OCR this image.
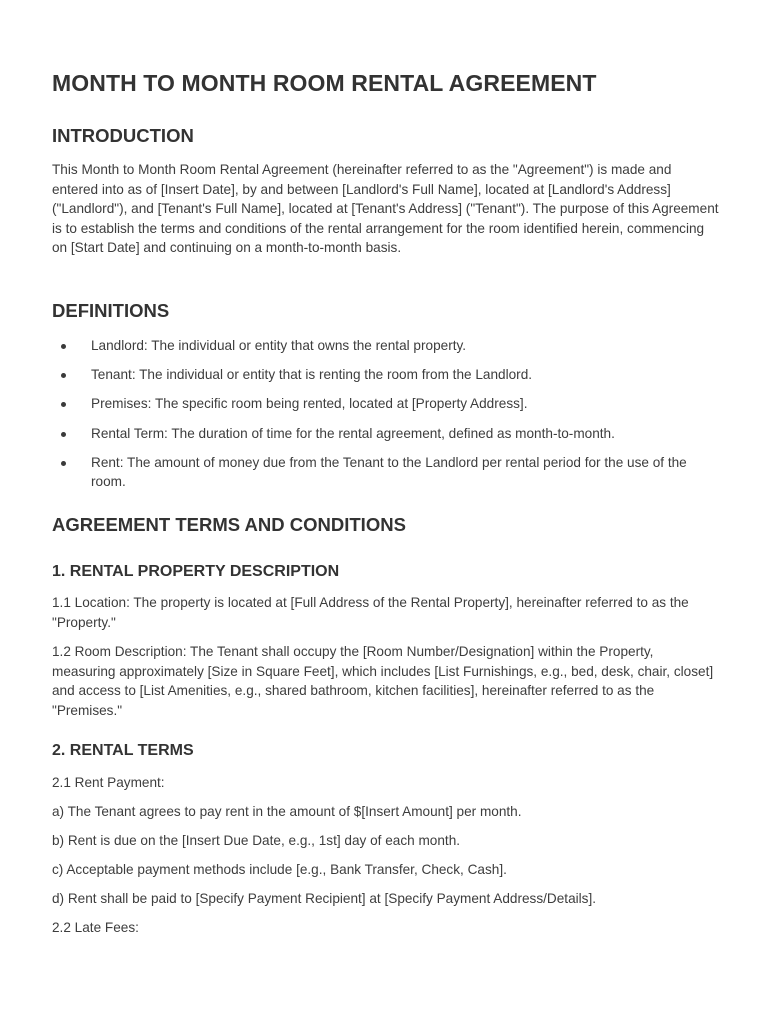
MONTH TO MONTH ROOM RENTAL AGREEMENT
INTRODUCTION

This Month to Month Room Rental Agreement (hereinafter referred to as the "Agreement") is made and entered into as of [Insert Date], by and between [Landlord's Full Name], located at [Landlord's Address] ("Landlord"), and [Tenant's Full Name], located at [Tenant's Address] ("Tenant"). The purpose of this Agreement is to establish the terms and conditions of the rental arrangement for the room identified herein, commencing on [Start Date] and continuing on a month-to-month basis.

DEFINITIONS
Landlord: The individual or entity that owns the rental property.
Tenant: The individual or entity that is renting the room from the Landlord.
Premises: The specific room being rented, located at [Property Address].
Rental Term: The duration of time for the rental agreement, defined as month-to-month.
Rent: The amount of money due from the Tenant to the Landlord per rental period for the use of the room.
AGREEMENT TERMS AND CONDITIONS
1. RENTAL PROPERTY DESCRIPTION

1.1 Location: The property is located at [Full Address of the Rental Property], hereinafter referred to as the "Property."

1.2 Room Description: The Tenant shall occupy the [Room Number/Designation] within the Property, measuring approximately [Size in Square Feet], which includes [List Furnishings, e.g., bed, desk, chair, closet] and access to [List Amenities, e.g., shared bathroom, kitchen facilities], hereinafter referred to as the "Premises."

2. RENTAL TERMS

2.1 Rent Payment:

a) The Tenant agrees to pay rent in the amount of $[Insert Amount] per month.

b) Rent is due on the [Insert Due Date, e.g., 1st] day of each month.

c) Acceptable payment methods include [e.g., Bank Transfer, Check, Cash].

d) Rent shall be paid to [Specify Payment Recipient] at [Specify Payment Address/Details].

2.2 Late Fees:
